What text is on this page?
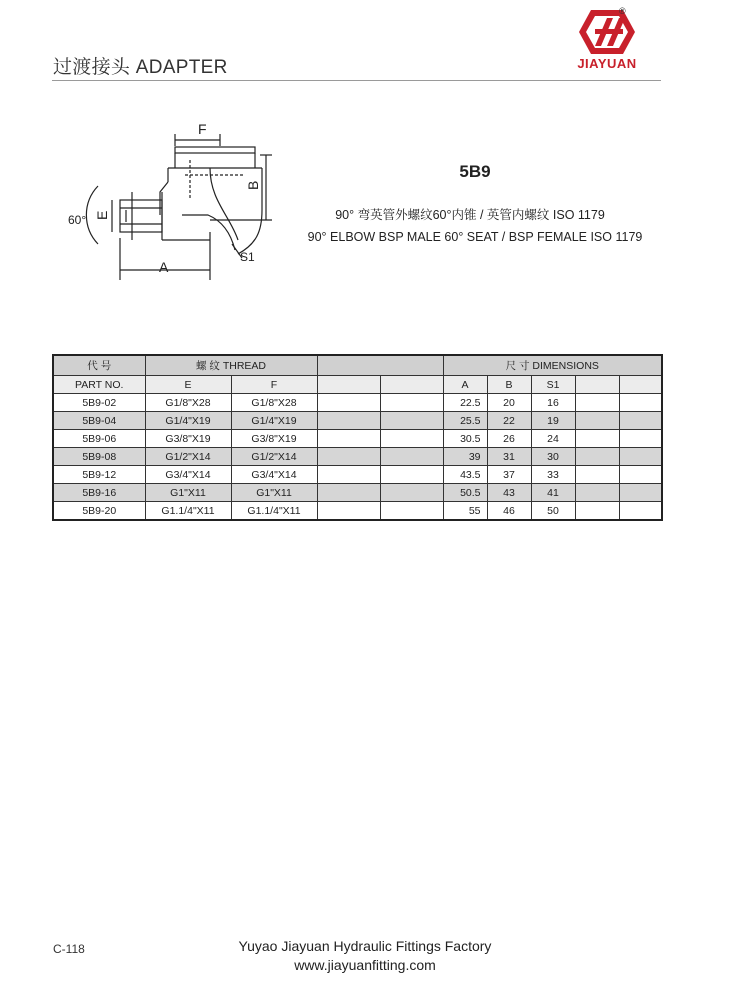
过渡接头 ADAPTER
®
JIAYUAN
F
B
E
A
S1
60°
5B9
90° 弯英管外螺纹60°内锥 / 英管内螺纹 ISO 1179
90° ELBOW BSP MALE 60° SEAT / BSP FEMALE ISO 1179
代 号	螺 纹 THREAD				尺 寸 DIMENSIONS				
PART NO.	E	F			A	B	S1		
5B9-02	G1/8"X28	G1/8"X28			22.5	20	16		
5B9-04	G1/4"X19	G1/4"X19			25.5	22	19		
5B9-06	G3/8"X19	G3/8"X19			30.5	26	24		
5B9-08	G1/2"X14	G1/2"X14			39	31	30		
5B9-12	G3/4"X14	G3/4"X14			43.5	37	33		
5B9-16	G1"X11	G1"X11			50.5	43	41		
5B9-20	G1.1/4"X11	G1.1/4"X11			55	46	50		
C-118	Yuyao Jiayuan Hydraulic Fittings Factory
www.jiayuanfitting.com
